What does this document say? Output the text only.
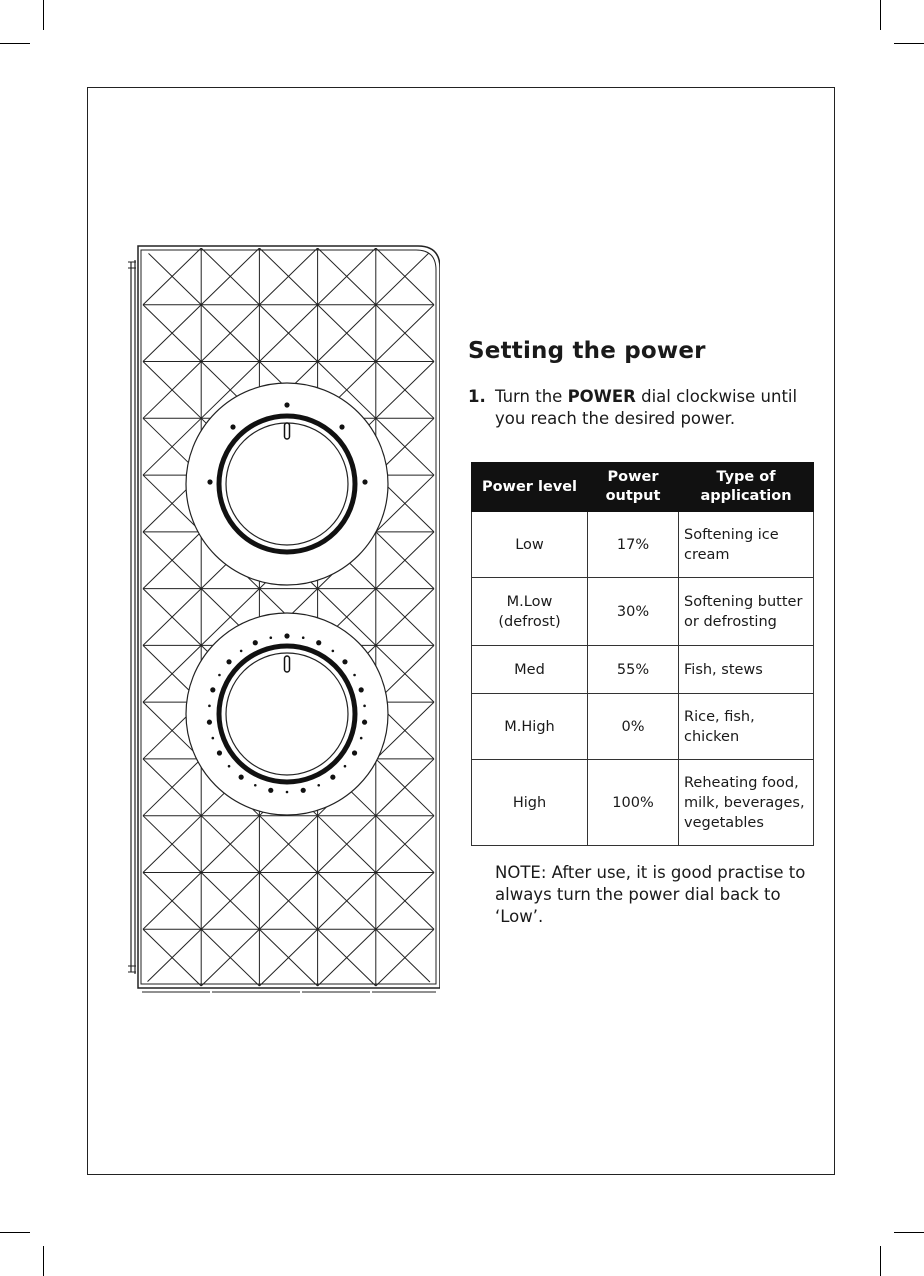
Setting the power
1. Turn the POWER dial clockwise until you reach the desired power.
Power level	Power output	Type of application
Low	17%	Softening ice cream
M.Low (defrost)	30%	Softening butter or defrosting
Med	55%	Fish, stews
M.High	0%	Rice, fish, chicken
High	100%	Reheating food, milk, beverages, vegetables
NOTE: After use, it is good practise to always turn the power dial back to ‘Low’.
